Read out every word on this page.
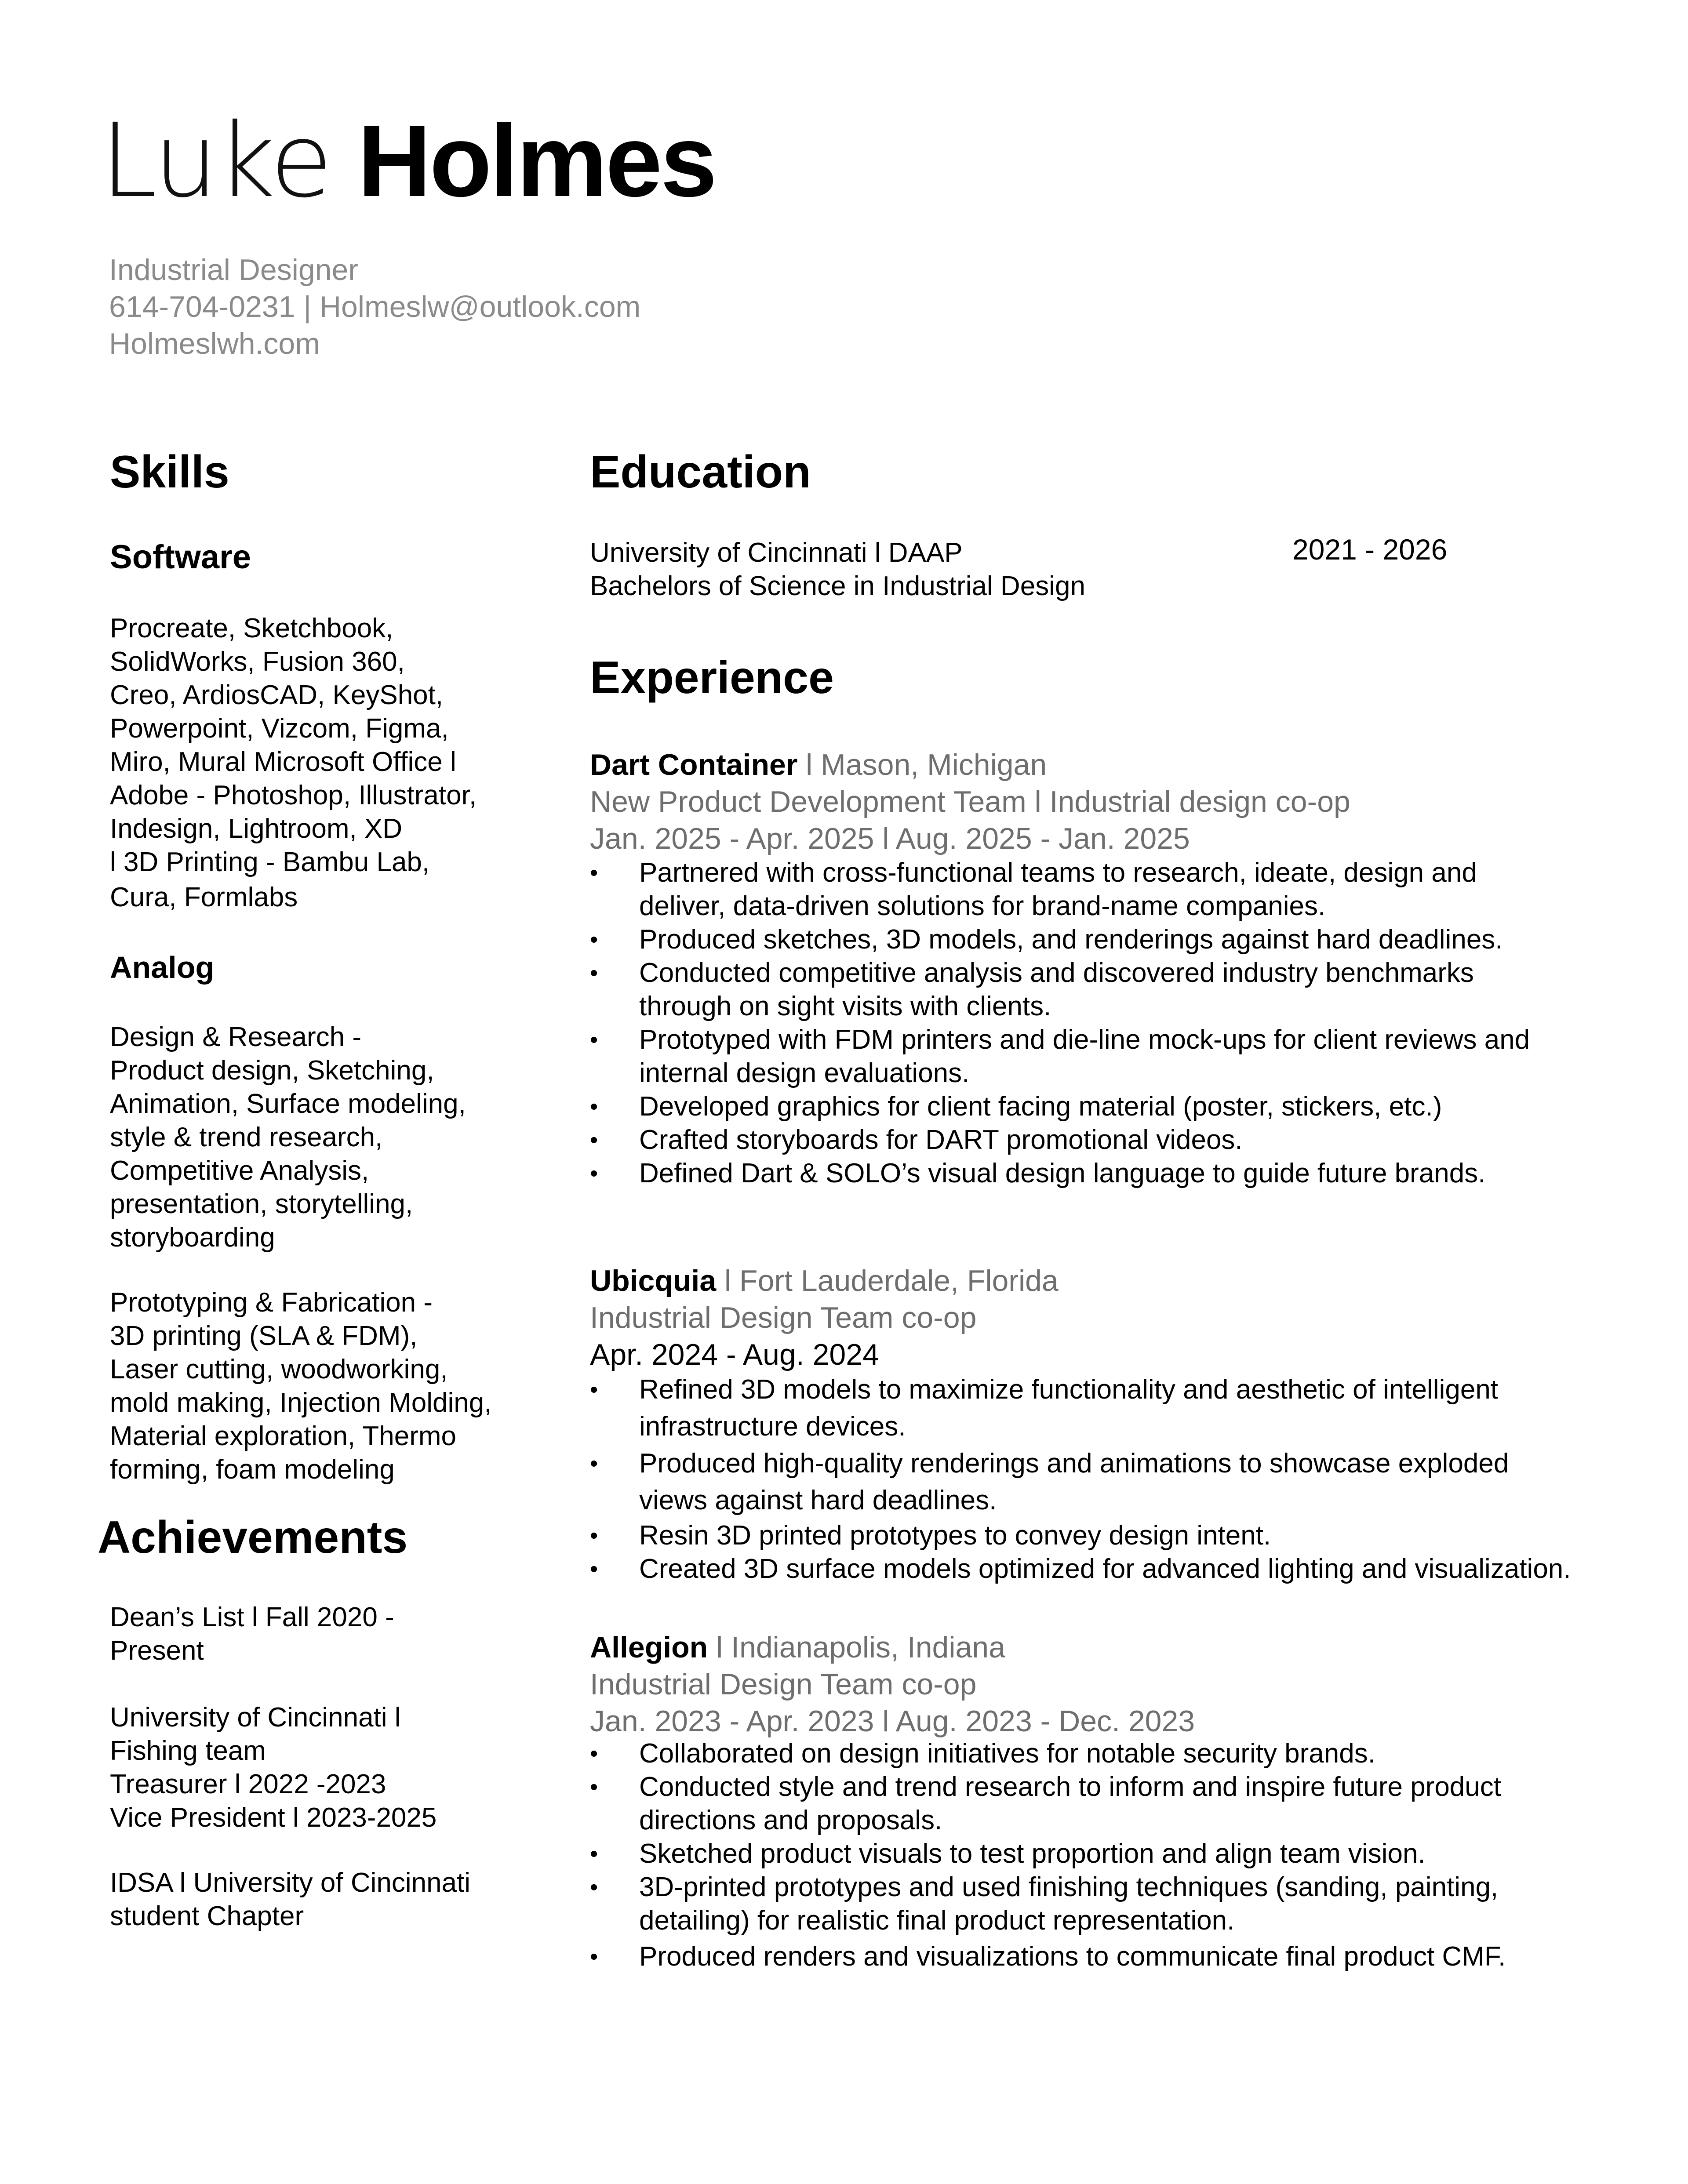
Luke Holmes
Industrial Designer
614-704-0231 | Holmeslw@outlook.com
Holmeslwh.com
Skills
Software
Procreate, Sketchbook,
SolidWorks, Fusion 360,
Creo, ArdiosCAD, KeyShot,
Powerpoint, Vizcom, Figma,
Miro, Mural Microsoft Office l
Adobe - Photoshop, Illustrator,
Indesign, Lightroom, XD
l 3D Printing - Bambu Lab,
Cura, Formlabs
Analog
Design & Research -
Product design, Sketching,
Animation, Surface modeling,
style & trend research,
Competitive Analysis,
presentation, storytelling,
storyboarding
Prototyping & Fabrication -
3D printing (SLA & FDM),
Laser cutting, woodworking,
mold making, Injection Molding,
Material exploration, Thermo
forming, foam modeling
Achievements
Dean’s List l Fall 2020 -
Present
University of Cincinnati l
Fishing team
Treasurer l 2022 -2023
Vice President l 2023-2025
IDSA l University of Cincinnati
student Chapter
Education
University of Cincinnati l DAAP
Bachelors of Science in Industrial Design
2021 - 2026
Experience
Dart Container l Mason, Michigan
New Product Development Team l Industrial design co-op
Jan. 2025 - Apr. 2025 l Aug. 2025 - Jan. 2025
• Partnered with cross-functional teams to research, ideate, design and
deliver, data-driven solutions for brand-name companies.
• Produced sketches, 3D models, and renderings against hard deadlines.
• Conducted competitive analysis and discovered industry benchmarks
through on sight visits with clients.
• Prototyped with FDM printers and die-line mock-ups for client reviews and
internal design evaluations.
• Developed graphics for client facing material (poster, stickers, etc.)
• Crafted storyboards for DART promotional videos.
• Defined Dart & SOLO’s visual design language to guide future brands.
Ubicquia l Fort Lauderdale, Florida
Industrial Design Team co-op
Apr. 2024 - Aug. 2024
• Refined 3D models to maximize functionality and aesthetic of intelligent
infrastructure devices.
• Produced high-quality renderings and animations to showcase exploded
views against hard deadlines.
• Resin 3D printed prototypes to convey design intent.
• Created 3D surface models optimized for advanced lighting and visualization.
Allegion l Indianapolis, Indiana
Industrial Design Team co-op
Jan. 2023 - Apr. 2023 l Aug. 2023 - Dec. 2023
• Collaborated on design initiatives for notable security brands.
• Conducted style and trend research to inform and inspire future product
directions and proposals.
• Sketched product visuals to test proportion and align team vision.
• 3D-printed prototypes and used finishing techniques (sanding, painting,
detailing) for realistic final product representation.
• Produced renders and visualizations to communicate final product CMF.
